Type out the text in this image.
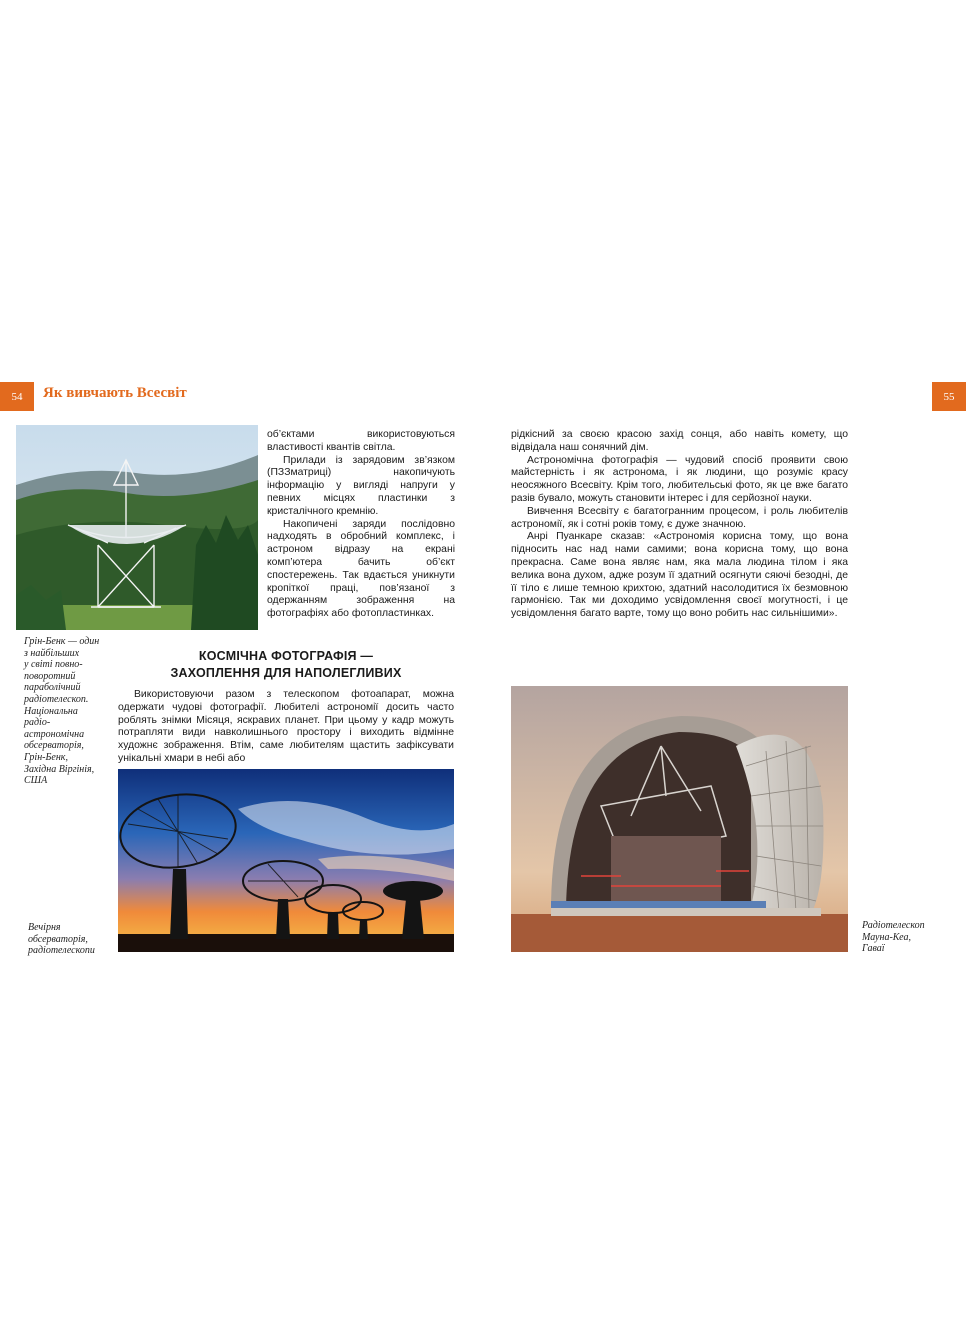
54	Як вивчають Всесвіт	55

об’єктами використовуються властивості квантів світла.

Прилади із зарядовим зв’язком (ПЗЗматриці) накопичують інформацію у вигляді напруги у певних місцях пластинки з кристалічного кремнію.

Накопичені заряди послідовно надходять в обробний комплекс, і астроном відразу на екрані комп’ютера бачить об’єкт спостережень. Так вдається уникнути кропіткої праці, пов’язаної з одержанням зображення на фотографіях або фотопластинках.

Грін-Бенк — один
з найбільших
у світі повно-
поворотний
параболічний
радіотелескоп.
Національна
радіо-
астрономічна
обсерваторія,
Грін-Бенк,
Західна Віргінія,
США
КОСМІЧНА ФОТОГРАФІЯ —
ЗАХОПЛЕННЯ ДЛЯ НАПОЛЕГЛИВИХ

Використовуючи разом з телескопом фотоапарат, можна одержати чудові фотографії. Любителі астрономії досить часто роблять знімки Місяця, яскравих планет. При цьому у кадр можуть потрапляти види навколишнього простору і виходить відмінне художнє зображення. Втім, саме любителям щастить зафіксувати унікальні хмари в небі або

Вечірня
обсерваторія,
радіотелескопи

рідкісний за своєю красою захід сонця, або навіть комету, що відвідала наш сонячний дім.

Астрономічна фотографія — чудовий спосіб проявити свою майстерність і як астронома, і як людини, що розуміє красу неосяжного Всесвіту. Крім того, любительські фото, як це вже багато разів бувало, можуть становити інтерес і для серйозної науки.

Вивчення Всесвіту є багатогранним процесом, і роль любителів астрономії, як і сотні років тому, є дуже значною.

Анрі Пуанкаре сказав: «Астрономія корисна тому, що вона підносить нас над нами самими; вона корисна тому, що вона прекрасна. Саме вона являє нам, яка мала людина тілом і яка велика вона духом, адже розум її здатний осягнути сяючі безодні, де її тіло є лише темною крихтою, здатний насолодитися їх безмовною гармонією. Так ми доходимо усвідомлення своєї могутності, і це усвідомлення багато варте, тому що воно робить нас сильнішими».

Радіотелескоп
Мауна-Кеа,
Гаваї
